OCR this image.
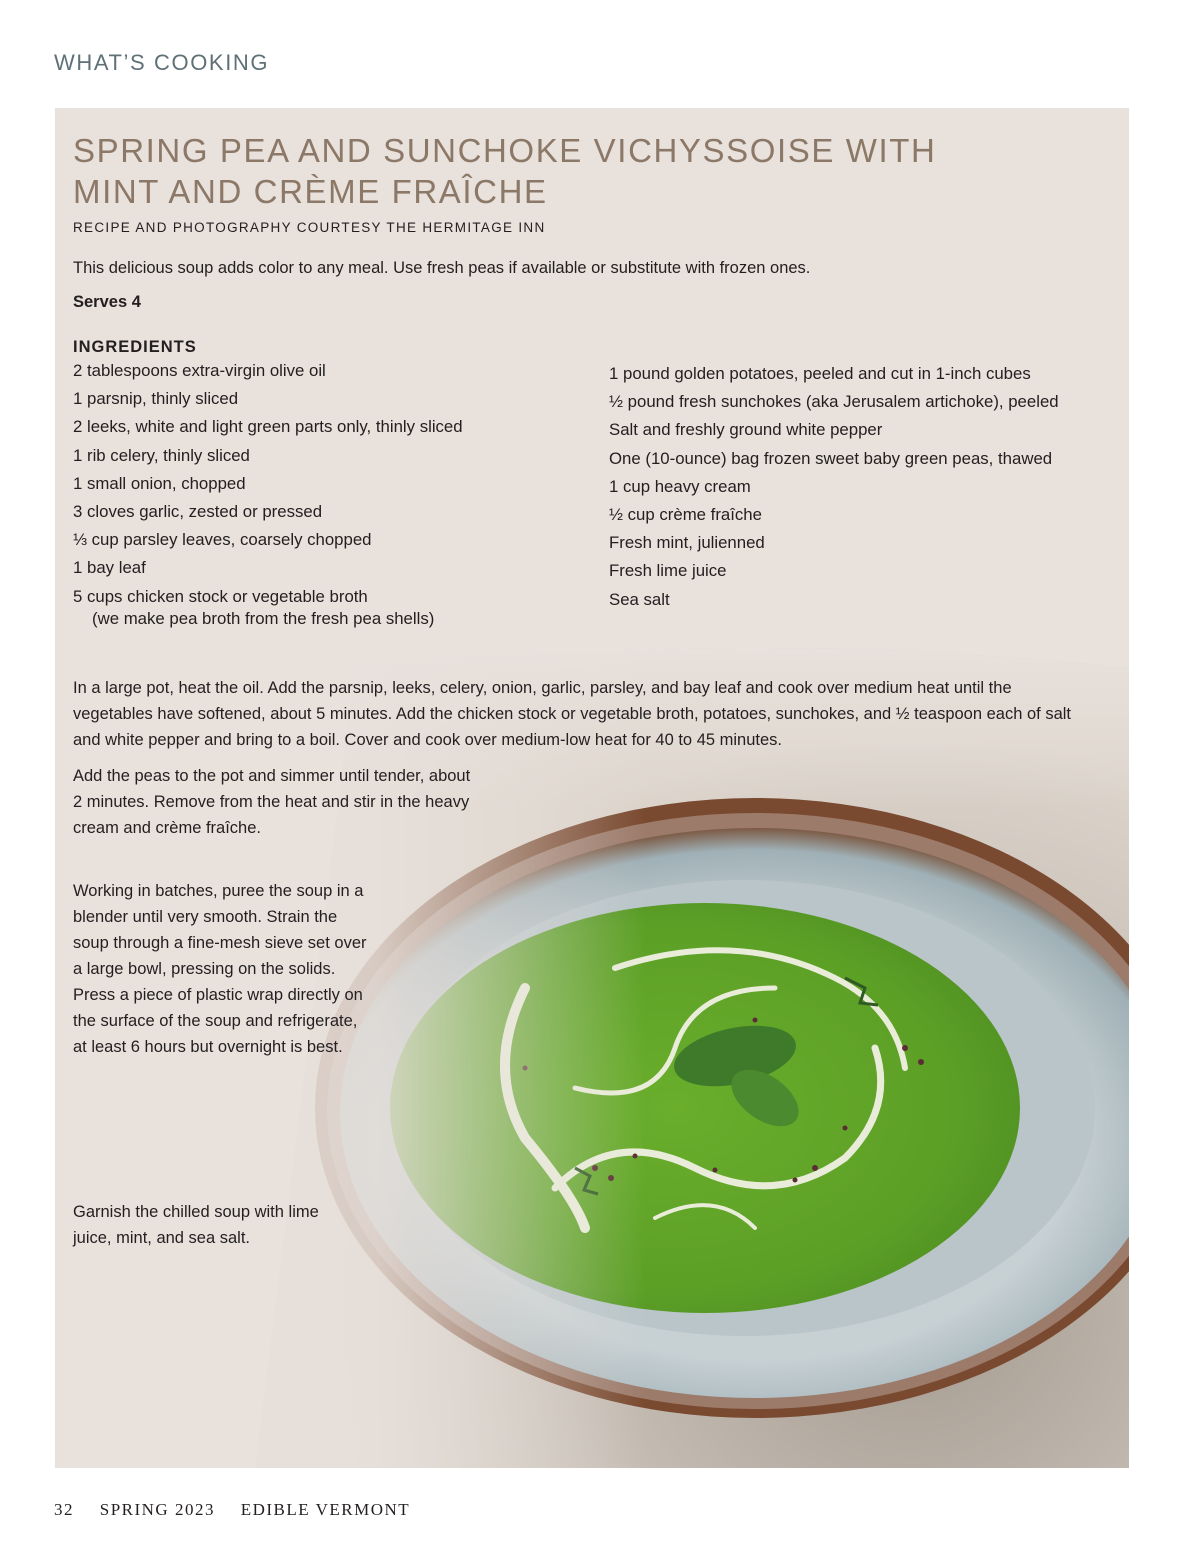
WHAT’S COOKING
SPRING PEA AND SUNCHOKE VICHYSSOISE WITH
MINT AND CRÈME FRAÎCHE
RECIPE AND PHOTOGRAPHY COURTESY THE HERMITAGE INN
This delicious soup adds color to any meal. Use fresh peas if available or substitute with frozen ones.
Serves 4
INGREDIENTS
2 tablespoons extra-virgin olive oil
1 parsnip, thinly sliced
2 leeks, white and light green parts only, thinly sliced
1 rib celery, thinly sliced
1 small onion, chopped
3 cloves garlic, zested or pressed
⅓ cup parsley leaves, coarsely chopped
1 bay leaf
5 cups chicken stock or vegetable broth
(we make pea broth from the fresh pea shells)
1 pound golden potatoes, peeled and cut in 1-inch cubes
½ pound fresh sunchokes (aka Jerusalem artichoke), peeled
Salt and freshly ground white pepper
One (10-ounce) bag frozen sweet baby green peas, thawed
1 cup heavy cream
½ cup crème fraîche
Fresh mint, julienned
Fresh lime juice
Sea salt

In a large pot, heat the oil. Add the parsnip, leeks, celery, onion, garlic, parsley, and bay leaf and cook over medium heat until the vegetables have softened, about 5 minutes. Add the chicken stock or vegetable broth, potatoes, sunchokes, and ½ teaspoon each of salt and white pepper and bring to a boil. Cover and cook over medium-low heat for 40 to 45 minutes.

Add the peas to the pot and simmer until tender, about 2 minutes. Remove from the heat and stir in the heavy cream and crème fraîche.

Working in batches, puree the soup in a blender until very smooth. Strain the soup through a fine-mesh sieve set over a large bowl, pressing on the solids. Press a piece of plastic wrap directly on the surface of the soup and refrigerate, at least 6 hours but overnight is best.

Garnish the chilled soup with lime juice, mint, and sea salt.

32 SPRING 2023 EDIBLE VERMONT
